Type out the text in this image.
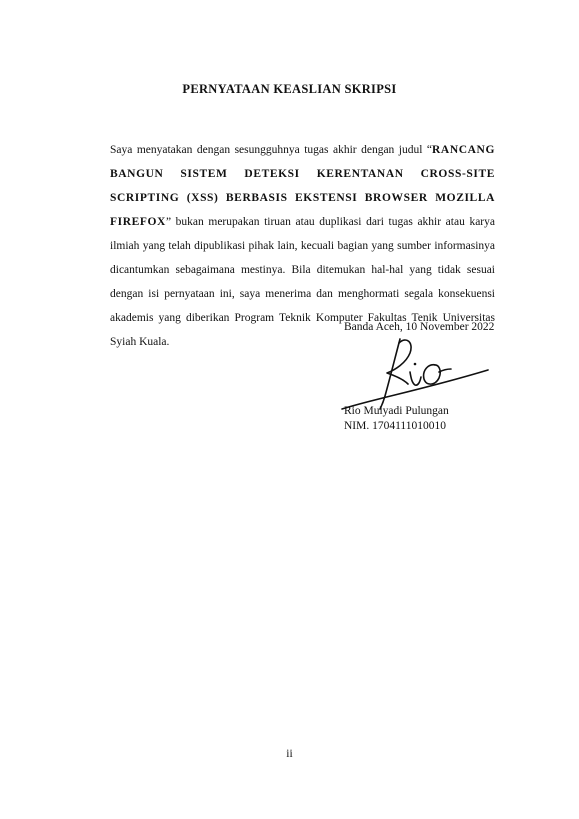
PERNYATAAN KEASLIAN SKRIPSI
Saya menyatakan dengan sesungguhnya tugas akhir dengan judul “RANCANG BANGUN SISTEM DETEKSI KERENTANAN CROSS-SITE SCRIPTING (XSS) BERBASIS EKSTENSI BROWSER MOZILLA FIREFOX” bukan merupakan tiruan atau duplikasi dari tugas akhir atau karya ilmiah yang telah dipublikasi pihak lain, kecuali bagian yang sumber informasinya dicantumkan sebagaimana mestinya. Bila ditemukan hal-hal yang tidak sesuai dengan isi pernyataan ini, saya menerima dan menghormati segala konsekuensi akademis yang diberikan Program Teknik Komputer Fakultas Tenik Universitas Syiah Kuala.
Banda Aceh, 10 November 2022
Rio Mulyadi Pulungan
NIM. 1704111010010
ii
